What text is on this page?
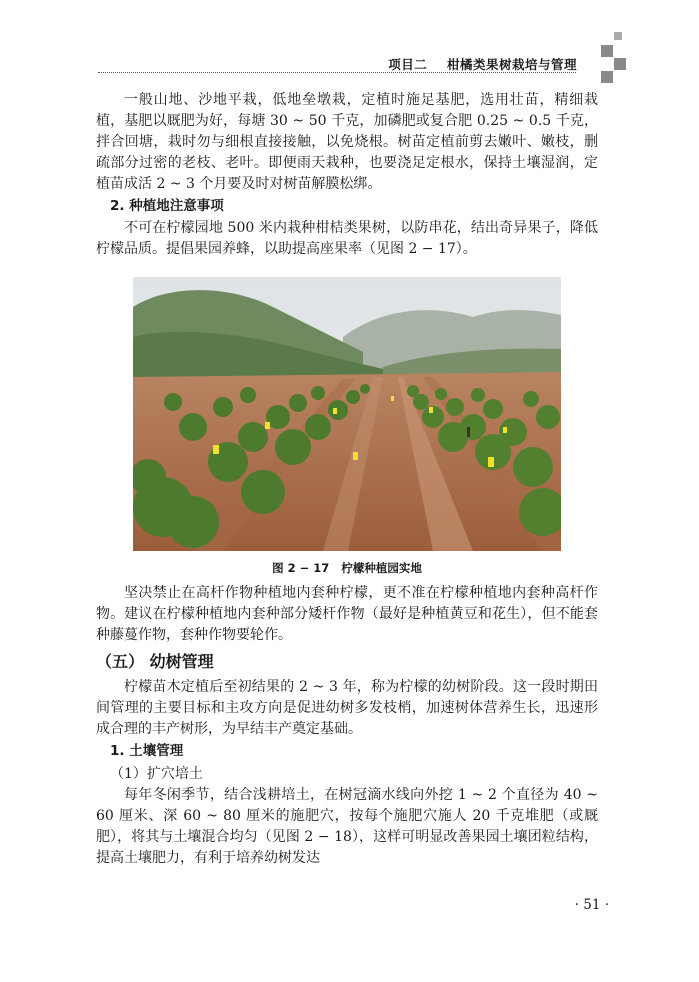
项目二 柑橘类果树栽培与管理

一般山地、沙地平栽，低地垒墩栽，定植时施足基肥，选用壮苗，精细栽植，基肥以厩肥为好，每塘 30 ~ 50 千克，加磷肥或复合肥 0.25 ~ 0.5 千克，拌合回塘，栽时勿与细根直接接触，以免烧根。树苗定植前剪去嫩叶、嫩枝，删疏部分过密的老枝、老叶。即便雨天栽种，也要浇足定根水，保持土壤湿润，定植苗成活 2 ~ 3 个月要及时对树苗解膜松绑。

2. 种植地注意事项

不可在柠檬园地 500 米内栽种柑桔类果树，以防串花，结出奇异果子，降低柠檬品质。提倡果园养蜂，以助提高座果率（见图 2 − 17）。

图 2 − 17 柠檬种植园实地

坚决禁止在高杆作物种植地内套种柠檬，更不准在柠檬种植地内套种高杆作物。建议在柠檬种植地内套种部分矮杆作物（最好是种植黄豆和花生），但不能套种藤蔓作物，套种作物要轮作。

（五） 幼树管理

柠檬苗木定植后至初结果的 2 ~ 3 年，称为柠檬的幼树阶段。这一段时期田间管理的主要目标和主攻方向是促进幼树多发枝梢，加速树体营养生长，迅速形成合理的丰产树形，为早结丰产奠定基础。

1. 土壤管理
（1）扩穴培土

每年冬闲季节，结合浅耕培土，在树冠滴水线向外挖 1 ~ 2 个直径为 40 ~ 60 厘米、深 60 ~ 80 厘米的施肥穴，按每个施肥穴施人 20 千克堆肥（或厩肥），将其与土壤混合均匀（见图 2 − 18），这样可明显改善果园土壤团粒结构，提高土壤肥力，有利于培养幼树发达

· 51 ·
